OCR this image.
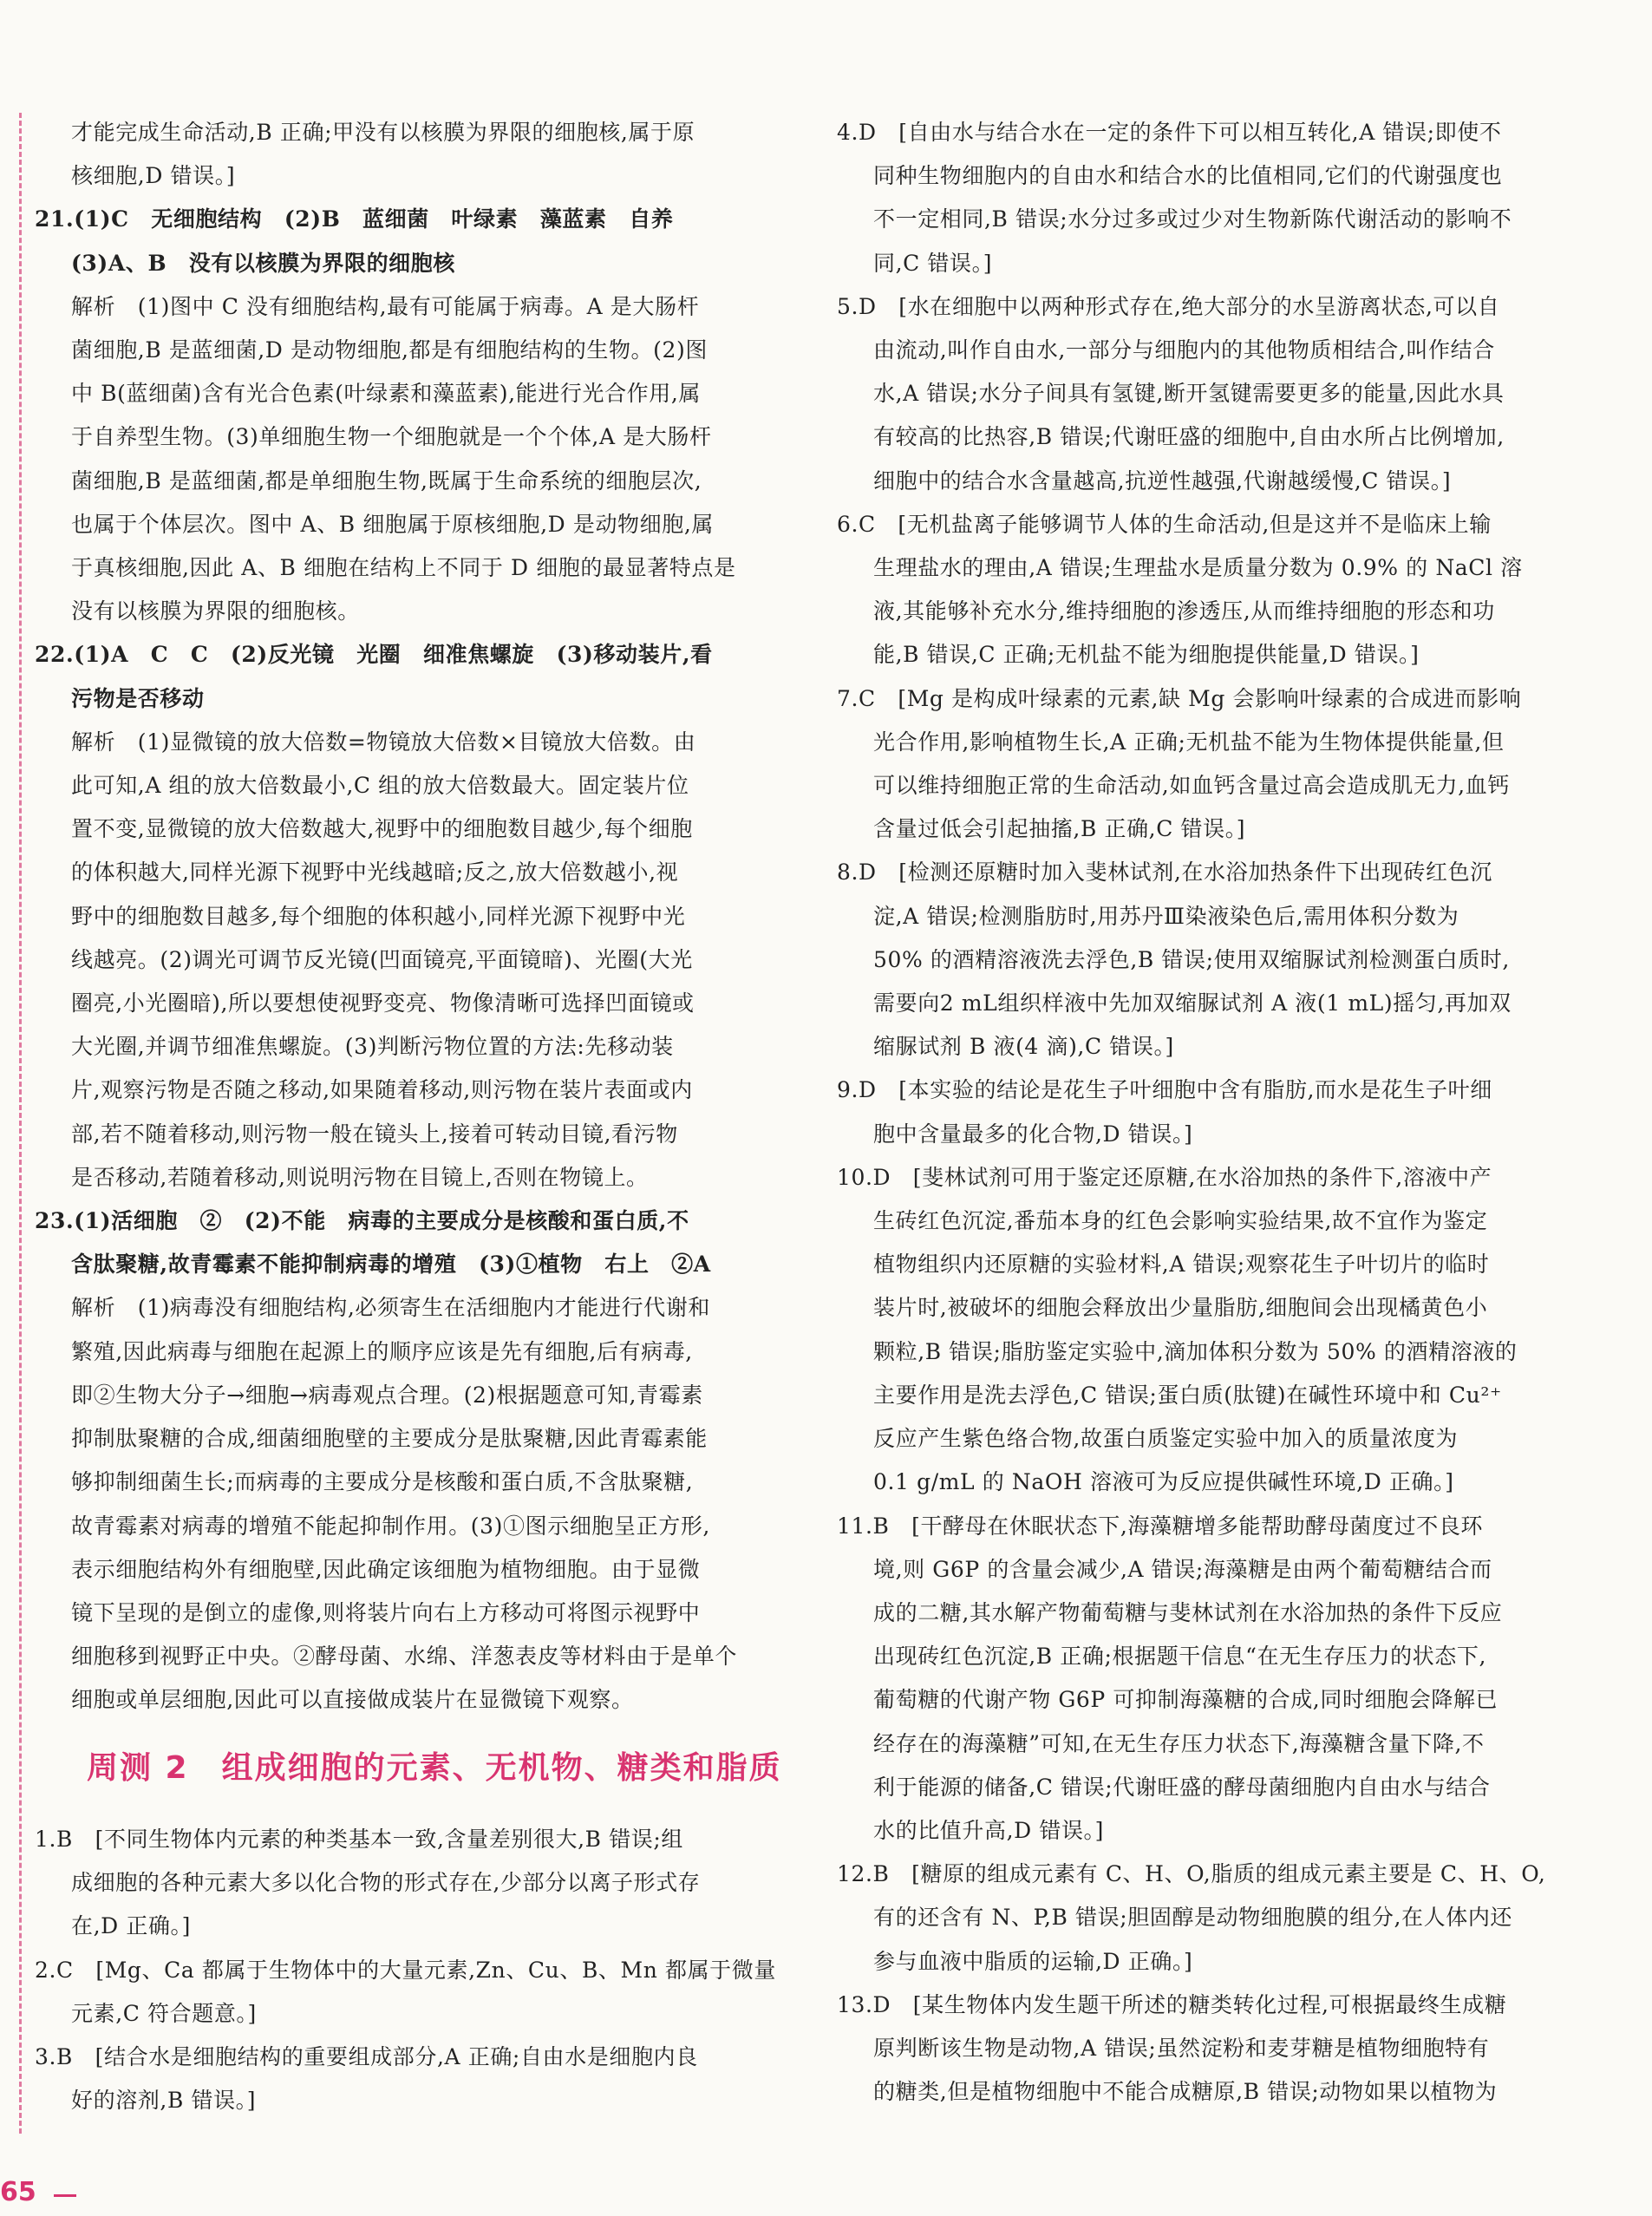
才能完成生命活动,B 正确;甲没有以核膜为界限的细胞核,属于原
核细胞,D 错误。]
21.(1)C　无细胞结构　(2)B　蓝细菌　叶绿素　藻蓝素　自养
(3)A、B　没有以核膜为界限的细胞核
解析　(1)图中 C 没有细胞结构,最有可能属于病毒。A 是大肠杆
菌细胞,B 是蓝细菌,D 是动物细胞,都是有细胞结构的生物。(2)图
中 B(蓝细菌)含有光合色素(叶绿素和藻蓝素),能进行光合作用,属
于自养型生物。(3)单细胞生物一个细胞就是一个个体,A 是大肠杆
菌细胞,B 是蓝细菌,都是单细胞生物,既属于生命系统的细胞层次,
也属于个体层次。图中 A、B 细胞属于原核细胞,D 是动物细胞,属
于真核细胞,因此 A、B 细胞在结构上不同于 D 细胞的最显著特点是
没有以核膜为界限的细胞核。
22.(1)A　C　C　(2)反光镜　光圈　细准焦螺旋　(3)移动装片,看
污物是否移动
解析　(1)显微镜的放大倍数=物镜放大倍数×目镜放大倍数。由
此可知,A 组的放大倍数最小,C 组的放大倍数最大。固定装片位
置不变,显微镜的放大倍数越大,视野中的细胞数目越少,每个细胞
的体积越大,同样光源下视野中光线越暗;反之,放大倍数越小,视
野中的细胞数目越多,每个细胞的体积越小,同样光源下视野中光
线越亮。(2)调光可调节反光镜(凹面镜亮,平面镜暗)、光圈(大光
圈亮,小光圈暗),所以要想使视野变亮、物像清晰可选择凹面镜或
大光圈,并调节细准焦螺旋。(3)判断污物位置的方法:先移动装
片,观察污物是否随之移动,如果随着移动,则污物在装片表面或内
部,若不随着移动,则污物一般在镜头上,接着可转动目镜,看污物
是否移动,若随着移动,则说明污物在目镜上,否则在物镜上。
23.(1)活细胞　②　(2)不能　病毒的主要成分是核酸和蛋白质,不
含肽聚糖,故青霉素不能抑制病毒的增殖　(3)①植物　右上　②A
解析　(1)病毒没有细胞结构,必须寄生在活细胞内才能进行代谢和
繁殖,因此病毒与细胞在起源上的顺序应该是先有细胞,后有病毒,
即②生物大分子→细胞→病毒观点合理。(2)根据题意可知,青霉素
抑制肽聚糖的合成,细菌细胞壁的主要成分是肽聚糖,因此青霉素能
够抑制细菌生长;而病毒的主要成分是核酸和蛋白质,不含肽聚糖,
故青霉素对病毒的增殖不能起抑制作用。(3)①图示细胞呈正方形,
表示细胞结构外有细胞壁,因此确定该细胞为植物细胞。由于显微
镜下呈现的是倒立的虚像,则将装片向右上方移动可将图示视野中
细胞移到视野正中央。②酵母菌、水绵、洋葱表皮等材料由于是单个
细胞或单层细胞,因此可以直接做成装片在显微镜下观察。
周测 2　组成细胞的元素、无机物、糖类和脂质
1.B　[不同生物体内元素的种类基本一致,含量差别很大,B 错误;组
成细胞的各种元素大多以化合物的形式存在,少部分以离子形式存
在,D 正确。]
2.C　[Mg、Ca 都属于生物体中的大量元素,Zn、Cu、B、Mn 都属于微量
元素,C 符合题意。]
3.B　[结合水是细胞结构的重要组成部分,A 正确;自由水是细胞内良
好的溶剂,B 错误。]
4.D　[自由水与结合水在一定的条件下可以相互转化,A 错误;即使不
同种生物细胞内的自由水和结合水的比值相同,它们的代谢强度也
不一定相同,B 错误;水分过多或过少对生物新陈代谢活动的影响不
同,C 错误。]
5.D　[水在细胞中以两种形式存在,绝大部分的水呈游离状态,可以自
由流动,叫作自由水,一部分与细胞内的其他物质相结合,叫作结合
水,A 错误;水分子间具有氢键,断开氢键需要更多的能量,因此水具
有较高的比热容,B 错误;代谢旺盛的细胞中,自由水所占比例增加,
细胞中的结合水含量越高,抗逆性越强,代谢越缓慢,C 错误。]
6.C　[无机盐离子能够调节人体的生命活动,但是这并不是临床上输
生理盐水的理由,A 错误;生理盐水是质量分数为 0.9% 的 NaCl 溶
液,其能够补充水分,维持细胞的渗透压,从而维持细胞的形态和功
能,B 错误,C 正确;无机盐不能为细胞提供能量,D 错误。]
7.C　[Mg 是构成叶绿素的元素,缺 Mg 会影响叶绿素的合成进而影响
光合作用,影响植物生长,A 正确;无机盐不能为生物体提供能量,但
可以维持细胞正常的生命活动,如血钙含量过高会造成肌无力,血钙
含量过低会引起抽搐,B 正确,C 错误。]
8.D　[检测还原糖时加入斐林试剂,在水浴加热条件下出现砖红色沉
淀,A 错误;检测脂肪时,用苏丹Ⅲ染液染色后,需用体积分数为
50% 的酒精溶液洗去浮色,B 错误;使用双缩脲试剂检测蛋白质时,
需要向2 mL组织样液中先加双缩脲试剂 A 液(1 mL)摇匀,再加双
缩脲试剂 B 液(4 滴),C 错误。]
9.D　[本实验的结论是花生子叶细胞中含有脂肪,而水是花生子叶细
胞中含量最多的化合物,D 错误。]
10.D　[斐林试剂可用于鉴定还原糖,在水浴加热的条件下,溶液中产
生砖红色沉淀,番茄本身的红色会影响实验结果,故不宜作为鉴定
植物组织内还原糖的实验材料,A 错误;观察花生子叶切片的临时
装片时,被破坏的细胞会释放出少量脂肪,细胞间会出现橘黄色小
颗粒,B 错误;脂肪鉴定实验中,滴加体积分数为 50% 的酒精溶液的
主要作用是洗去浮色,C 错误;蛋白质(肽键)在碱性环境中和 Cu²⁺
反应产生紫色络合物,故蛋白质鉴定实验中加入的质量浓度为
0.1 g/mL 的 NaOH 溶液可为反应提供碱性环境,D 正确。]
11.B　[干酵母在休眠状态下,海藻糖增多能帮助酵母菌度过不良环
境,则 G6P 的含量会减少,A 错误;海藻糖是由两个葡萄糖结合而
成的二糖,其水解产物葡萄糖与斐林试剂在水浴加热的条件下反应
出现砖红色沉淀,B 正确;根据题干信息“在无生存压力的状态下,
葡萄糖的代谢产物 G6P 可抑制海藻糖的合成,同时细胞会降解已
经存在的海藻糖”可知,在无生存压力状态下,海藻糖含量下降,不
利于能源的储备,C 错误;代谢旺盛的酵母菌细胞内自由水与结合
水的比值升高,D 错误。]
12.B　[糖原的组成元素有 C、H、O,脂质的组成元素主要是 C、H、O,
有的还含有 N、P,B 错误;胆固醇是动物细胞膜的组分,在人体内还
参与血液中脂质的运输,D 正确。]
13.D　[某生物体内发生题干所述的糖类转化过程,可根据最终生成糖
原判断该生物是动物,A 错误;虽然淀粉和麦芽糖是植物细胞特有
的糖类,但是植物细胞中不能合成糖原,B 错误;动物如果以植物为
65
